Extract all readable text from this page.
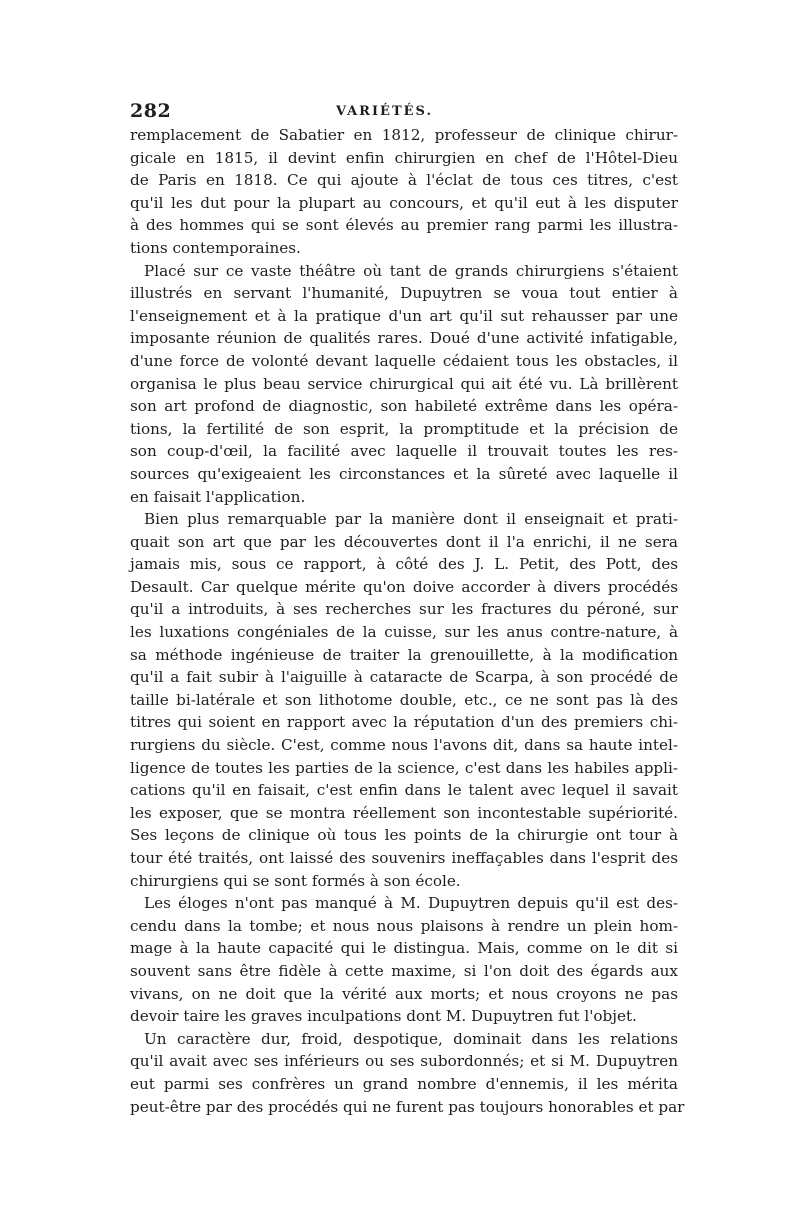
282	VARIÉTÉS.
remplacement de Sabatier en 1812, professeur de clinique chirur-
gicale en 1815, il devint enfin chirurgien en chef de l'Hôtel-Dieu
de Paris en 1818. Ce qui ajoute à l'éclat de tous ces titres, c'est
qu'il les dut pour la plupart au concours, et qu'il eut à les disputer
à des hommes qui se sont élevés au premier rang parmi les illustra-
tions contemporaines.
Placé sur ce vaste théâtre où tant de grands chirurgiens s'étaient
illustrés en servant l'humanité, Dupuytren se voua tout entier à
l'enseignement et à la pratique d'un art qu'il sut rehausser par une
imposante réunion de qualités rares. Doué d'une activité infatigable,
d'une force de volonté devant laquelle cédaient tous les obstacles, il
organisa le plus beau service chirurgical qui ait été vu. Là brillèrent
son art profond de diagnostic, son habileté extrême dans les opéra-
tions, la fertilité de son esprit, la promptitude et la précision de
son coup-d'œil, la facilité avec laquelle il trouvait toutes les res-
sources qu'exigeaient les circonstances et la sûreté avec laquelle il
en faisait l'application.
Bien plus remarquable par la manière dont il enseignait et prati-
quait son art que par les découvertes dont il l'a enrichi, il ne sera
jamais mis, sous ce rapport, à côté des J. L. Petit, des Pott, des
Desault. Car quelque mérite qu'on doive accorder à divers procédés
qu'il a introduits, à ses recherches sur les fractures du péroné, sur
les luxations congéniales de la cuisse, sur les anus contre-nature, à
sa méthode ingénieuse de traiter la grenouillette, à la modification
qu'il a fait subir à l'aiguille à cataracte de Scarpa, à son procédé de
taille bi-latérale et son lithotome double, etc., ce ne sont pas là des
titres qui soient en rapport avec la réputation d'un des premiers chi-
rurgiens du siècle. C'est, comme nous l'avons dit, dans sa haute intel-
ligence de toutes les parties de la science, c'est dans les habiles appli-
cations qu'il en faisait, c'est enfin dans le talent avec lequel il savait
les exposer, que se montra réellement son incontestable supériorité.
Ses leçons de clinique où tous les points de la chirurgie ont tour à
tour été traités, ont laissé des souvenirs ineffaçables dans l'esprit des
chirurgiens qui se sont formés à son école.
Les éloges n'ont pas manqué à M. Dupuytren depuis qu'il est des-
cendu dans la tombe; et nous nous plaisons à rendre un plein hom-
mage à la haute capacité qui le distingua. Mais, comme on le dit si
souvent sans être fidèle à cette maxime, si l'on doit des égards aux
vivans, on ne doit que la vérité aux morts; et nous croyons ne pas
devoir taire les graves inculpations dont M. Dupuytren fut l'objet.
Un caractère dur, froid, despotique, dominait dans les relations
qu'il avait avec ses inférieurs ou ses subordonnés; et si M. Dupuytren
eut parmi ses confrères un grand nombre d'ennemis, il les mérita
peut-être par des procédés qui ne furent pas toujours honorables et par
